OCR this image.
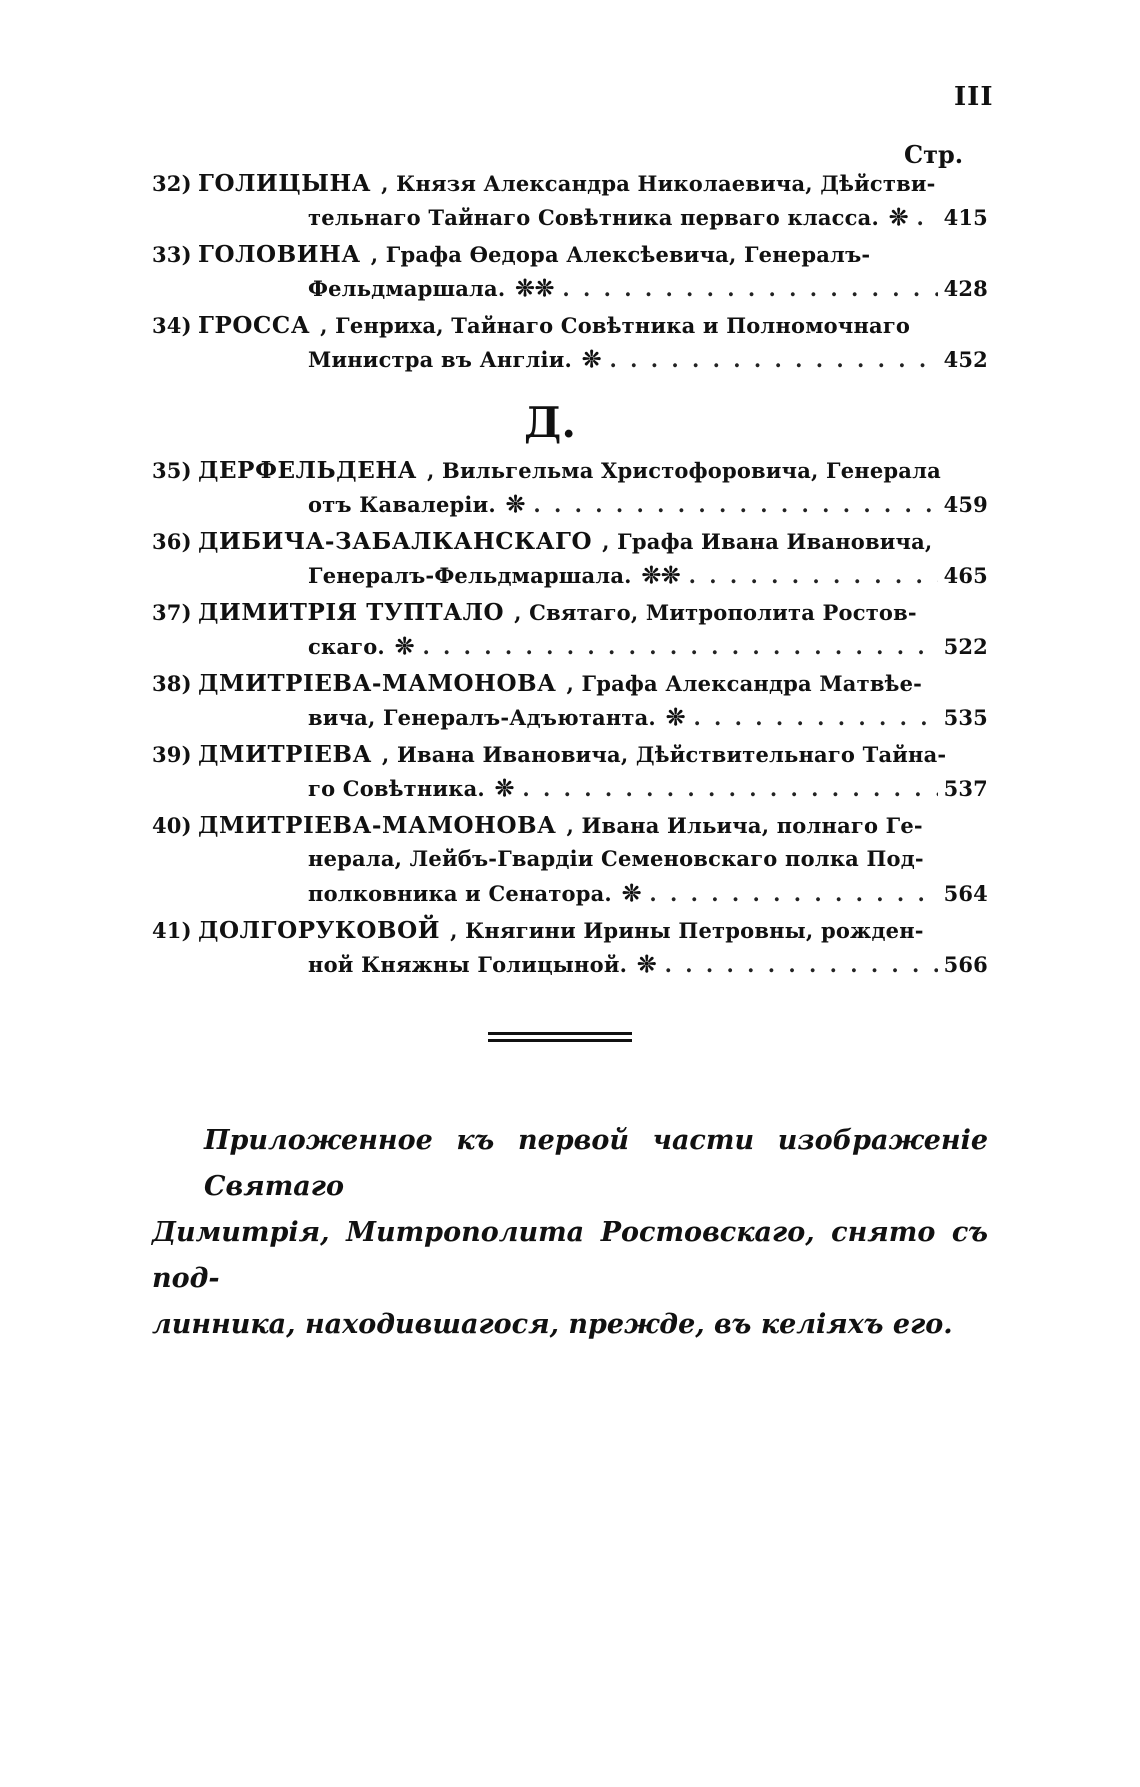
III
Стр.
32) ГОЛИЦЫНА , Князя Александра Николаевича, Дѣйстви-
тельнаго Тайнаго Совѣтника перваго класса. ❊ . . . 415
33) ГОЛОВИНА , Графа Өедора Алексѣевича, Генералъ-
Фельдмаршала. ❊❊ . . .	428
34) ГРОССА , Генриха, Тайнаго Совѣтника и Полномочнаго
Министра въ Англіи. ❊ . . .	452
Д.
35) ДЕРФЕЛЬДЕНА , Вильгельма Христофоровича, Генерала
отъ Кавалеріи. ❊ . . .	459
36) ДИБИЧА-ЗАБАЛКАНСКАГО , Графа Ивана Ивановича,
Генералъ-Фельдмаршала. ❊❊ . . .	465
37) ДИМИТРІЯ ТУПТАЛО , Святаго, Митрополита Ростов-
скаго. ❊ . . .	522
38) ДМИТРІЕВА-МАМОНОВА , Графа Александра Матвѣе-
вича, Генералъ-Адъютанта. ❊ . . .	535
39) ДМИТРІЕВА , Ивана Ивановича, Дѣйствительнаго Тайна-
го Совѣтника. ❊ . . .	537
40) ДМИТРІЕВА-МАМОНОВА , Ивана Ильича, полнаго Ге-
нерала, Лейбъ-Гвардіи Семеновскаго полка Под-
полковника и Сенатора. ❊ . . .	564
41) ДОЛГОРУКОВОЙ , Княгини Ирины Петровны, рожден-
ной Княжны Голицыной. ❊ . . .	566
Приложенное къ первой части изображеніе Святаго
Димитрія, Митрополита Ростовскаго, снято съ под-
линника, находившагося, прежде, въ келіяхъ его.
